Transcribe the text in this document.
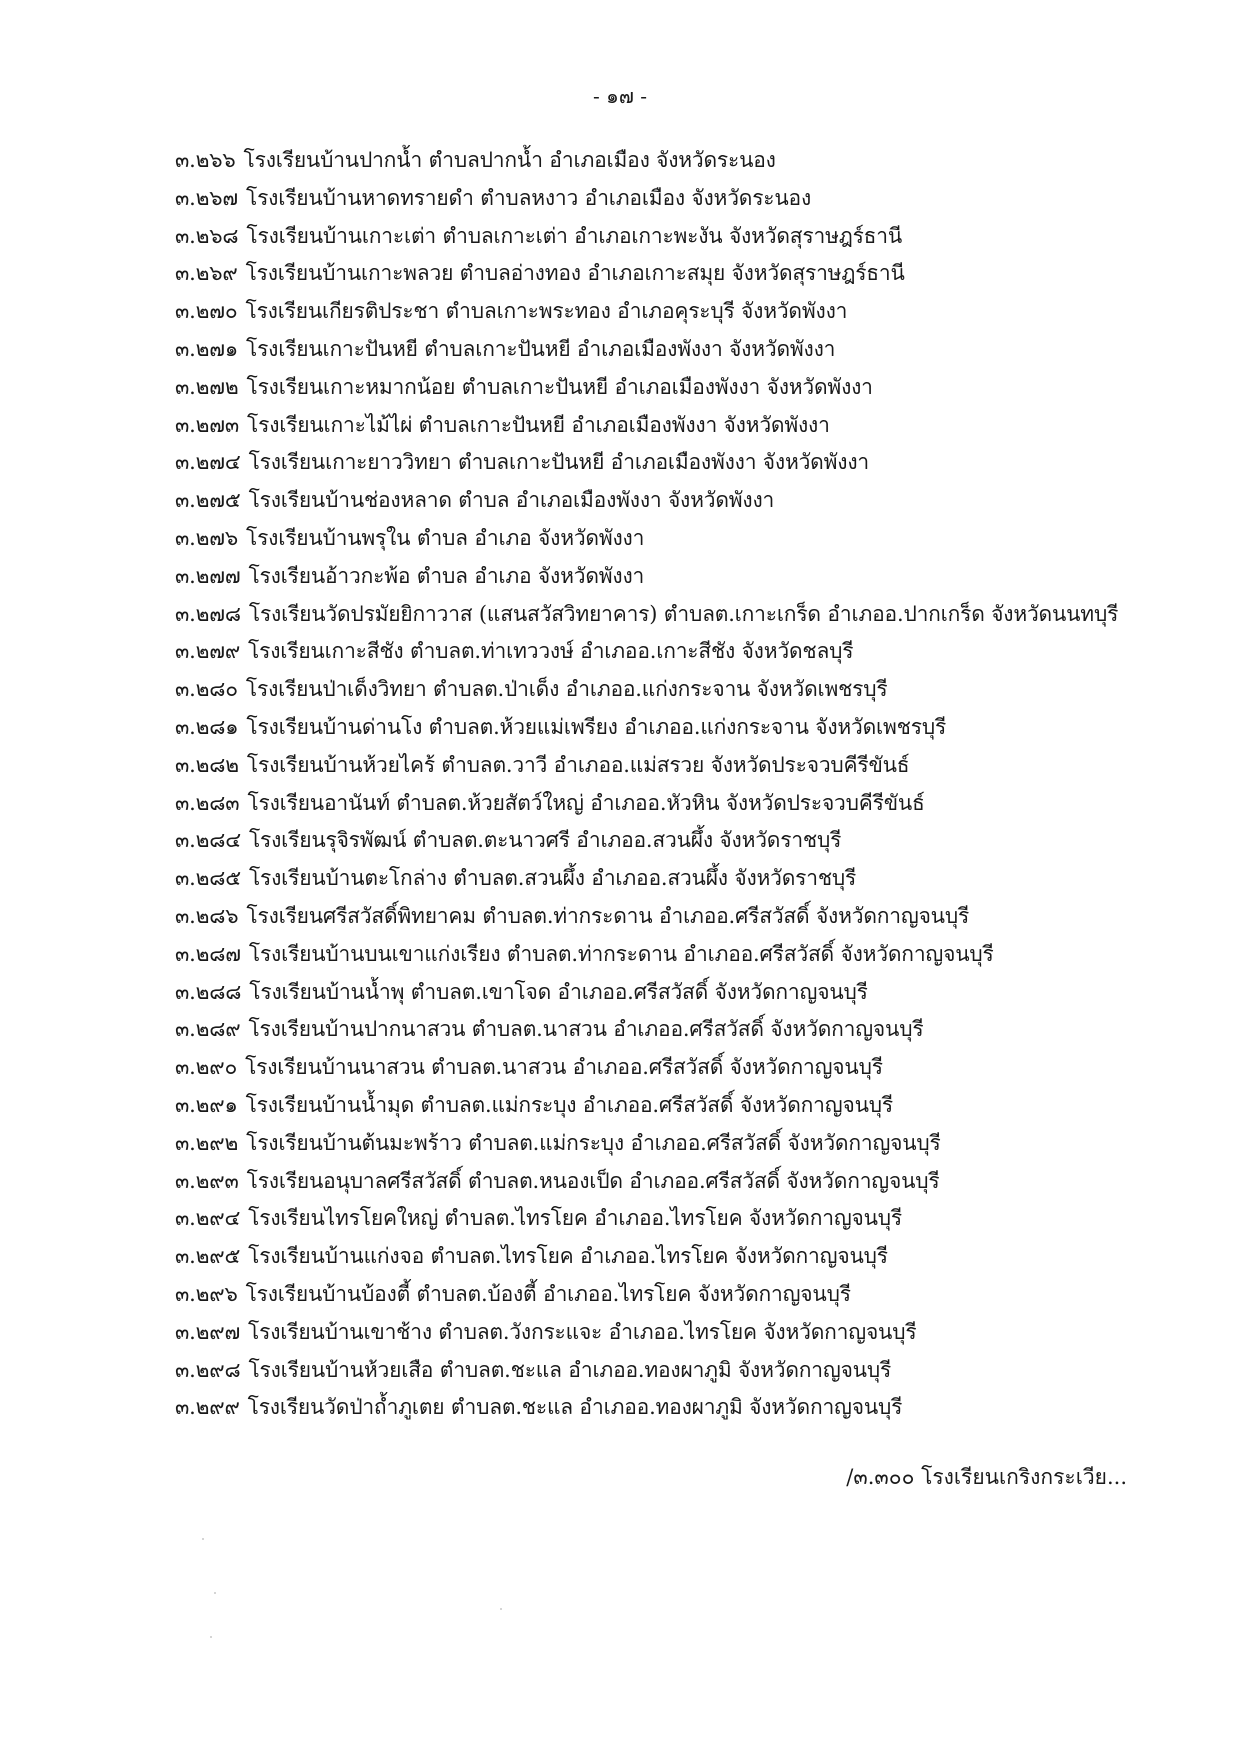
- ๑๗ -
๓.๒๖๖ โรงเรียนบ้านปากน้ำ ตำบลปากน้ำ อำเภอเมือง จังหวัดระนอง
๓.๒๖๗ โรงเรียนบ้านหาดทรายดำ ตำบลหงาว อำเภอเมือง จังหวัดระนอง
๓.๒๖๘ โรงเรียนบ้านเกาะเต่า ตำบลเกาะเต่า อำเภอเกาะพะงัน จังหวัดสุราษฎร์ธานี
๓.๒๖๙ โรงเรียนบ้านเกาะพลวย ตำบลอ่างทอง อำเภอเกาะสมุย จังหวัดสุราษฎร์ธานี
๓.๒๗๐ โรงเรียนเกียรติประชา ตำบลเกาะพระทอง อำเภอคุระบุรี จังหวัดพังงา
๓.๒๗๑ โรงเรียนเกาะปันหยี ตำบลเกาะปันหยี อำเภอเมืองพังงา จังหวัดพังงา
๓.๒๗๒ โรงเรียนเกาะหมากน้อย ตำบลเกาะปันหยี อำเภอเมืองพังงา จังหวัดพังงา
๓.๒๗๓ โรงเรียนเกาะไม้ไผ่ ตำบลเกาะปันหยี อำเภอเมืองพังงา จังหวัดพังงา
๓.๒๗๔ โรงเรียนเกาะยาววิทยา ตำบลเกาะปันหยี อำเภอเมืองพังงา จังหวัดพังงา
๓.๒๗๕ โรงเรียนบ้านช่องหลาด ตำบล อำเภอเมืองพังงา จังหวัดพังงา
๓.๒๗๖ โรงเรียนบ้านพรุใน ตำบล อำเภอ จังหวัดพังงา
๓.๒๗๗ โรงเรียนอ้าวกะพ้อ ตำบล อำเภอ จังหวัดพังงา
๓.๒๗๘ โรงเรียนวัดปรมัยยิกาวาส (แสนสวัสวิทยาคาร) ตำบลต.เกาะเกร็ด อำเภออ.ปากเกร็ด จังหวัดนนทบุรี
๓.๒๗๙ โรงเรียนเกาะสีชัง ตำบลต.ท่าเทววงษ์ อำเภออ.เกาะสีชัง จังหวัดชลบุรี
๓.๒๘๐ โรงเรียนป่าเด็งวิทยา ตำบลต.ป่าเด็ง อำเภออ.แก่งกระจาน จังหวัดเพชรบุรี
๓.๒๘๑ โรงเรียนบ้านด่านโง ตำบลต.ห้วยแม่เพรียง อำเภออ.แก่งกระจาน จังหวัดเพชรบุรี
๓.๒๘๒ โรงเรียนบ้านห้วยไคร้ ตำบลต.วาวี อำเภออ.แม่สรวย จังหวัดประจวบคีรีขันธ์
๓.๒๘๓ โรงเรียนอานันท์ ตำบลต.ห้วยสัตว์ใหญ่ อำเภออ.หัวหิน จังหวัดประจวบคีรีขันธ์
๓.๒๘๔ โรงเรียนรุจิรพัฒน์ ตำบลต.ตะนาวศรี อำเภออ.สวนผึ้ง จังหวัดราชบุรี
๓.๒๘๕ โรงเรียนบ้านตะโกล่าง ตำบลต.สวนผึ้ง อำเภออ.สวนผึ้ง จังหวัดราชบุรี
๓.๒๘๖ โรงเรียนศรีสวัสดิ์พิทยาคม ตำบลต.ท่ากระดาน อำเภออ.ศรีสวัสดิ์ จังหวัดกาญจนบุรี
๓.๒๘๗ โรงเรียนบ้านบนเขาแก่งเรียง ตำบลต.ท่ากระดาน อำเภออ.ศรีสวัสดิ์ จังหวัดกาญจนบุรี
๓.๒๘๘ โรงเรียนบ้านน้ำพุ ตำบลต.เขาโจด อำเภออ.ศรีสวัสดิ์ จังหวัดกาญจนบุรี
๓.๒๘๙ โรงเรียนบ้านปากนาสวน ตำบลต.นาสวน อำเภออ.ศรีสวัสดิ์ จังหวัดกาญจนบุรี
๓.๒๙๐ โรงเรียนบ้านนาสวน ตำบลต.นาสวน อำเภออ.ศรีสวัสดิ์ จังหวัดกาญจนบุรี
๓.๒๙๑ โรงเรียนบ้านน้ำมุด ตำบลต.แม่กระบุง อำเภออ.ศรีสวัสดิ์ จังหวัดกาญจนบุรี
๓.๒๙๒ โรงเรียนบ้านต้นมะพร้าว ตำบลต.แม่กระบุง อำเภออ.ศรีสวัสดิ์ จังหวัดกาญจนบุรี
๓.๒๙๓ โรงเรียนอนุบาลศรีสวัสดิ์ ตำบลต.หนองเป็ด อำเภออ.ศรีสวัสดิ์ จังหวัดกาญจนบุรี
๓.๒๙๔ โรงเรียนไทรโยคใหญ่ ตำบลต.ไทรโยค อำเภออ.ไทรโยค จังหวัดกาญจนบุรี
๓.๒๙๕ โรงเรียนบ้านแก่งจอ ตำบลต.ไทรโยค อำเภออ.ไทรโยค จังหวัดกาญจนบุรี
๓.๒๙๖ โรงเรียนบ้านบ้องตี้ ตำบลต.บ้องตี้ อำเภออ.ไทรโยค จังหวัดกาญจนบุรี
๓.๒๙๗ โรงเรียนบ้านเขาช้าง ตำบลต.วังกระแจะ อำเภออ.ไทรโยค จังหวัดกาญจนบุรี
๓.๒๙๘ โรงเรียนบ้านห้วยเสือ ตำบลต.ชะแล อำเภออ.ทองผาภูมิ จังหวัดกาญจนบุรี
๓.๒๙๙ โรงเรียนวัดป่าถ้ำภูเตย ตำบลต.ชะแล อำเภออ.ทองผาภูมิ จังหวัดกาญจนบุรี
/๓.๓๐๐ โรงเรียนเกริงกระเวีย...
